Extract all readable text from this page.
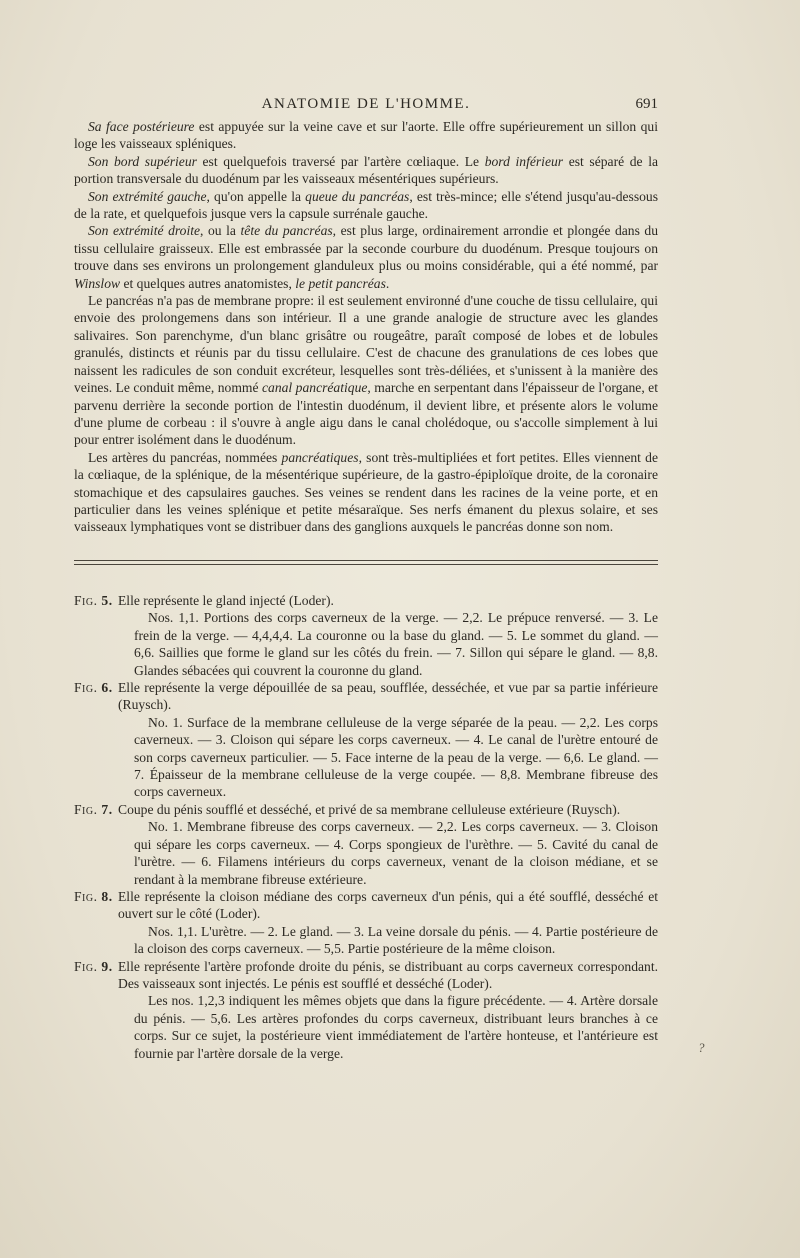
ANATOMIE DE L'HOMME.	691

Sa face postérieure est appuyée sur la veine cave et sur l'aorte. Elle offre supérieurement un sillon qui loge les vaisseaux spléniques.

Son bord supérieur est quelquefois traversé par l'artère cœliaque. Le bord inférieur est séparé de la portion transversale du duodénum par les vaisseaux mésentériques supérieurs.

Son extrémité gauche, qu'on appelle la queue du pancréas, est très-mince; elle s'étend jusqu'au-dessous de la rate, et quelquefois jusque vers la capsule surrénale gauche.

Son extrémité droite, ou la tête du pancréas, est plus large, ordinairement arrondie et plongée dans du tissu cellulaire graisseux. Elle est embrassée par la seconde courbure du duodénum. Presque toujours on trouve dans ses environs un prolongement glanduleux plus ou moins considérable, qui a été nommé, par Winslow et quelques autres anatomistes, le petit pancréas.

Le pancréas n'a pas de membrane propre: il est seulement environné d'une couche de tissu cellulaire, qui envoie des prolongemens dans son intérieur. Il a une grande analogie de structure avec les glandes salivaires. Son parenchyme, d'un blanc grisâtre ou rougeâtre, paraît composé de lobes et de lobules granulés, distincts et réunis par du tissu cellulaire. C'est de chacune des granulations de ces lobes que naissent les radicules de son conduit excréteur, lesquelles sont très-déliées, et s'unissent à la manière des veines. Le conduit même, nommé canal pancréatique, marche en serpentant dans l'épaisseur de l'organe, et parvenu derrière la seconde portion de l'intestin duodénum, il devient libre, et présente alors le volume d'une plume de corbeau : il s'ouvre à angle aigu dans le canal cholédoque, ou s'accolle simplement à lui pour entrer isolément dans le duodénum.

Les artères du pancréas, nommées pancréatiques, sont très-multipliées et fort petites. Elles viennent de la cœliaque, de la splénique, de la mésentérique supérieure, de la gastro-épiploïque droite, de la coronaire stomachique et des capsulaires gauches. Ses veines se rendent dans les racines de la veine porte, et en particulier dans les veines splénique et petite mésaraïque. Ses nerfs émanent du plexus solaire, et ses vaisseaux lymphatiques vont se distribuer dans des ganglions auxquels le pancréas donne son nom.

Fig. 5. Elle représente le gland injecté (Loder).

Nos. 1,1. Portions des corps caverneux de la verge. — 2,2. Le prépuce renversé. — 3. Le frein de la verge. — 4,4,4,4. La couronne ou la base du gland. — 5. Le sommet du gland. — 6,6. Saillies que forme le gland sur les côtés du frein. — 7. Sillon qui sépare le gland. — 8,8. Glandes sébacées qui couvrent la couronne du gland.

Fig. 6. Elle représente la verge dépouillée de sa peau, soufflée, desséchée, et vue par sa partie inférieure (Ruysch).

No. 1. Surface de la membrane celluleuse de la verge séparée de la peau. — 2,2. Les corps caverneux. — 3. Cloison qui sépare les corps caverneux. — 4. Le canal de l'urètre entouré de son corps caverneux particulier. — 5. Face interne de la peau de la verge. — 6,6. Le gland. — 7. Épaisseur de la membrane celluleuse de la verge coupée. — 8,8. Membrane fibreuse des corps caverneux.

Fig. 7. Coupe du pénis soufflé et desséché, et privé de sa membrane celluleuse extérieure (Ruysch).

No. 1. Membrane fibreuse des corps caverneux. — 2,2. Les corps caverneux. — 3. Cloison qui sépare les corps caverneux. — 4. Corps spongieux de l'urèthre. — 5. Cavité du canal de l'urètre. — 6. Filamens intérieurs du corps caverneux, venant de la cloison médiane, et se rendant à la membrane fibreuse extérieure.

Fig. 8. Elle représente la cloison médiane des corps caverneux d'un pénis, qui a été soufflé, desséché et ouvert sur le côté (Loder).

Nos. 1,1. L'urètre. — 2. Le gland. — 3. La veine dorsale du pénis. — 4. Partie postérieure de la cloison des corps caverneux. — 5,5. Partie postérieure de la même cloison.

Fig. 9. Elle représente l'artère profonde droite du pénis, se distribuant au corps caverneux correspondant. Des vaisseaux sont injectés. Le pénis est soufflé et desséché (Loder).

Les nos. 1,2,3 indiquent les mêmes objets que dans la figure précédente. — 4. Artère dorsale du pénis. — 5,6. Les artères profondes du corps caverneux, distribuant leurs branches à ce corps. Sur ce sujet, la postérieure vient immédiatement de l'artère honteuse, et l'antérieure est fournie par l'artère dorsale de la verge.	?
